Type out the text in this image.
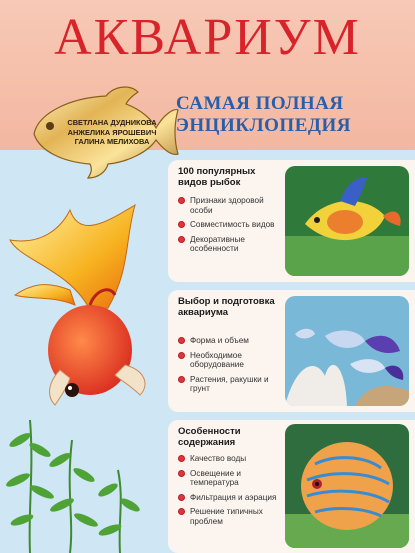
АКВАРИУМ
САМАЯ ПОЛНАЯ
ЭНЦИКЛОПЕДИЯ
СВЕТЛАНА ДУДНИКОВА
АНЖЕЛИКА ЯРОШЕВИЧ
ГАЛИНА МЕЛИХОВА
100 популярных видов рыбок
Признаки здоровой особи
Совместимость видов
Декоративные особенности
Выбор и подготовка аквариума
Форма и объем
Необходимое оборудование
Растения, ракушки и грунт
Особенности содержания
Качество воды
Освещение и температура
Фильтрация и аэрация
Решение типичных проблем
